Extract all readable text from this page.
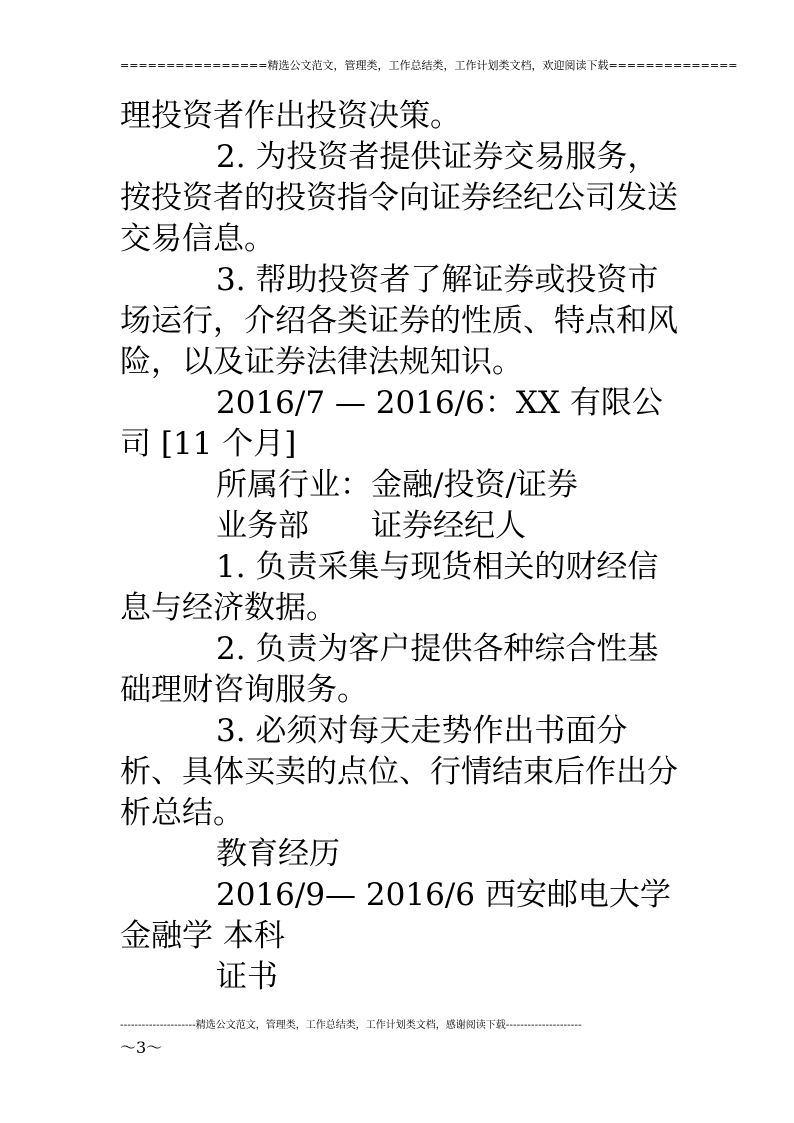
================精选公文范文，管理类，工作总结类，工作计划类文档，欢迎阅读下载==============

理投资者作出投资决策。

2. 为投资者提供证券交易服务，按投资者的投资指令向证券经纪公司发送交易信息。

3. 帮助投资者了解证券或投资市场运行，介绍各类证券的性质、特点和风险，以及证券法律法规知识。

2016/7 — 2016/6：XX 有限公司 [11 个月]

所属行业：金融/投资/证券

业务部　　证券经纪人

1. 负责采集与现货相关的财经信息与经济数据。

2. 负责为客户提供各种综合性基础理财咨询服务。

3. 必须对每天走势作出书面分析、具体买卖的点位、行情结束后作出分析总结。

教育经历

2016/9— 2016/6 西安邮电大学 金融学 本科

证书

---------------------精选公文范文，管理类，工作总结类，工作计划类文档，感谢阅读下载---------------------
～3～
